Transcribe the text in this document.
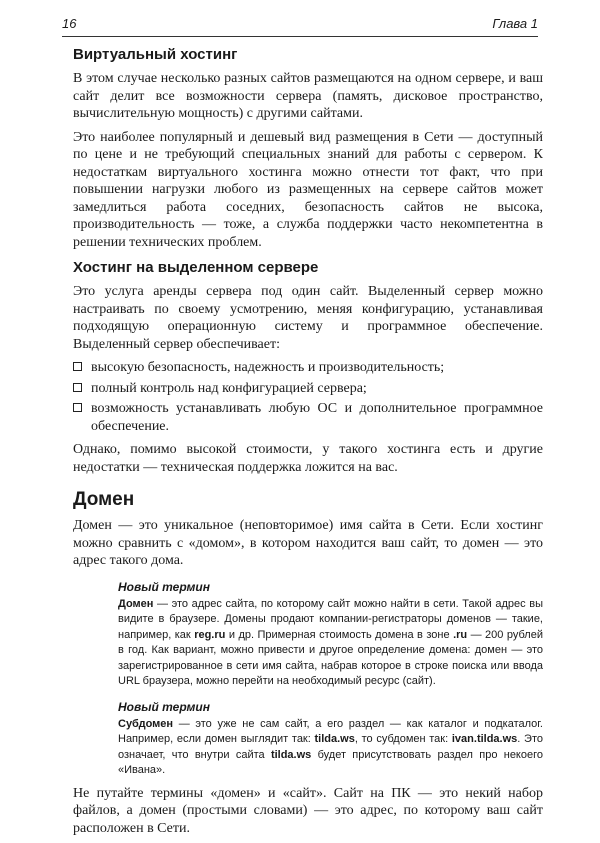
16	Глава 1
Виртуальный хостинг

В этом случае несколько разных сайтов размещаются на одном сервере, и ваш сайт делит все возможности сервера (память, дисковое пространство, вычислительную мощность) с другими сайтами.

Это наиболее популярный и дешевый вид размещения в Сети — доступный по цене и не требующий специальных знаний для работы с сервером. К недостаткам виртуального хостинга можно отнести тот факт, что при повышении нагрузки любого из размещенных на сервере сайтов может замедлиться работа соседних, безопасность сайтов не высока, производительность — тоже, а служба поддержки часто некомпетентна в решении технических проблем.

Хостинг на выделенном сервере

Это услуга аренды сервера под один сайт. Выделенный сервер можно настраивать по своему усмотрению, меняя конфигурацию, устанавливая подходящую операционную систему и программное обеспечение. Выделенный сервер обеспечивает:

высокую безопасность, надежность и производительность;
полный контроль над конфигурацией сервера;
возможность устанавливать любую ОС и дополнительное программное обеспечение.

Однако, помимо высокой стоимости, у такого хостинга есть и другие недостатки — техническая поддержка ложится на вас.

Домен

Домен — это уникальное (неповторимое) имя сайта в Сети. Если хостинг можно сравнить с «домом», в котором находится ваш сайт, то домен — это адрес такого дома.

Новый термин
Домен — это адрес сайта, по которому сайт можно найти в сети. Такой адрес вы видите в браузере. Домены продают компании-регистраторы доменов — такие, например, как reg.ru и др. Примерная стоимость домена в зоне .ru — 200 рублей в год. Как вариант, можно привести и другое определение домена: домен — это зарегистрированное в сети имя сайта, набрав которое в строке поиска или ввода URL браузера, можно перейти на необходимый ресурс (сайт).
Новый термин
Субдомен — это уже не сам сайт, а его раздел — как каталог и подкаталог. Например, если домен выглядит так: tilda.ws, то субдомен так: ivan.tilda.ws. Это означает, что внутри сайта tilda.ws будет присутствовать раздел про некоего «Ивана».

Не путайте термины «домен» и «сайт». Сайт на ПК — это некий набор файлов, а домен (простыми словами) — это адрес, по которому ваш сайт расположен в Сети.
